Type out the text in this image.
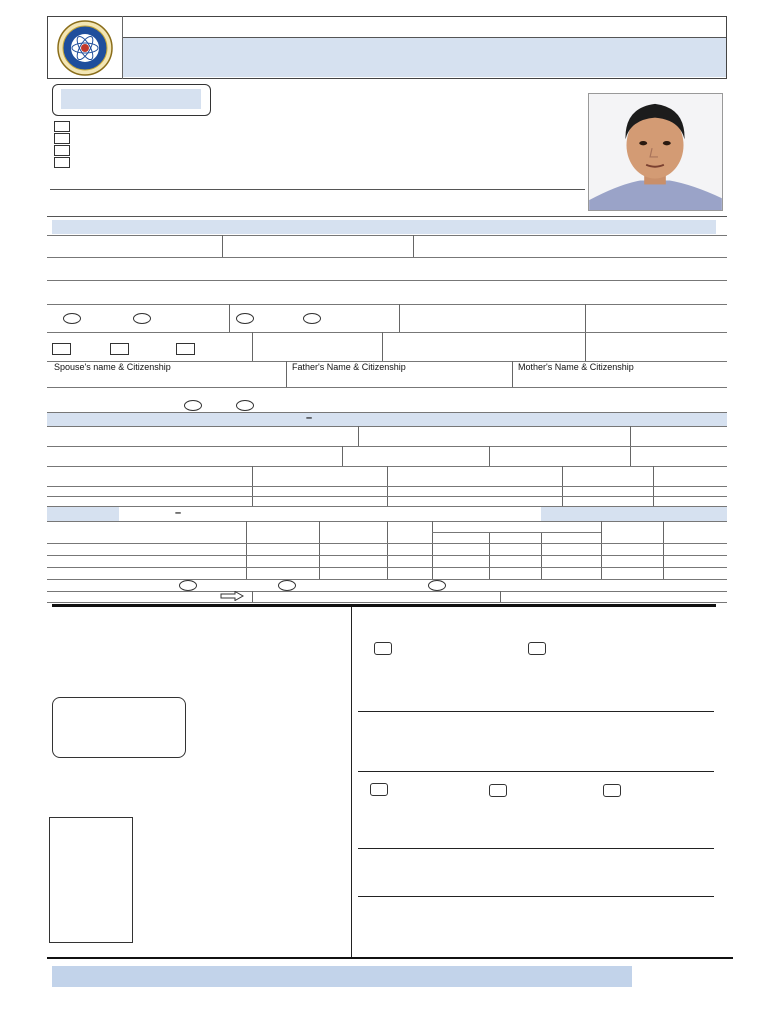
Spouse's name & Citizenship	Father's Name & Citizenship	Mother's Name & Citizenship
–
–
